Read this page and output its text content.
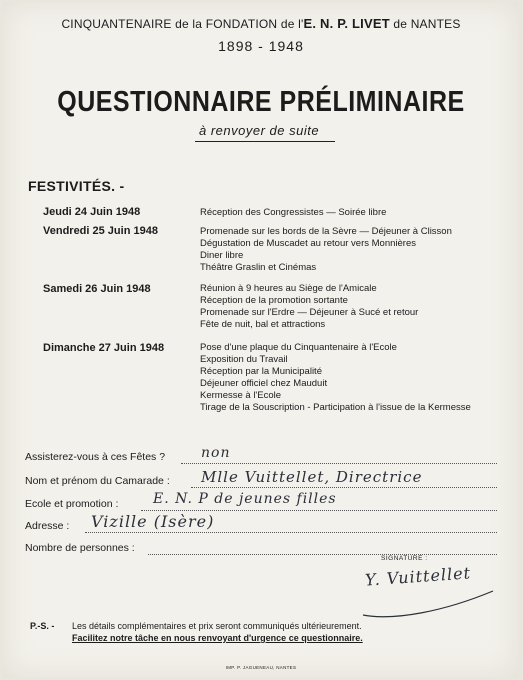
CINQUANTENAIRE de la FONDATION de l'E. N. P. LIVET de NANTES
1898 - 1948
QUESTIONNAIRE PRÉLIMINAIRE
à renvoyer de suite
FESTIVITÉS. -
Jeudi 24 Juin 1948	Réception des Congressistes — Soirée libre
Vendredi 25 Juin 1948	Promenade sur les bords de la Sèvre — Déjeuner à Clisson
Dégustation de Muscadet au retour vers Monnières
Diner libre
Théâtre Graslin et Cinémas
Samedi 26 Juin 1948	Réunion à 9 heures au Siège de l'Amicale
Réception de la promotion sortante
Promenade sur l'Erdre — Déjeuner à Sucé et retour
Fête de nuit, bal et attractions
Dimanche 27 Juin 1948	Pose d'une plaque du Cinquantenaire à l'Ecole
Exposition du Travail
Réception par la Municipalité
Déjeuner officiel chez Mauduit
Kermesse à l'Ecole
Tirage de la Souscription - Participation à l'issue de la Kermesse
Assisterez-vous à ces Fêtes ?	non
Nom et prénom du Camarade : Mlle Vuittellet, Directrice
Ecole et promotion : E. N. P de jeunes filles
Adresse : Vizille (Isère)
Nombre de personnes :
SIGNATURE :
Y. Vuittellet
P.-S. - Les détails complémentaires et prix seront communiqués ultérieurement.
Facilitez notre tâche en nous renvoyant d'urgence ce questionnaire.
IMP. P. JAGUENEAU, NANTES
